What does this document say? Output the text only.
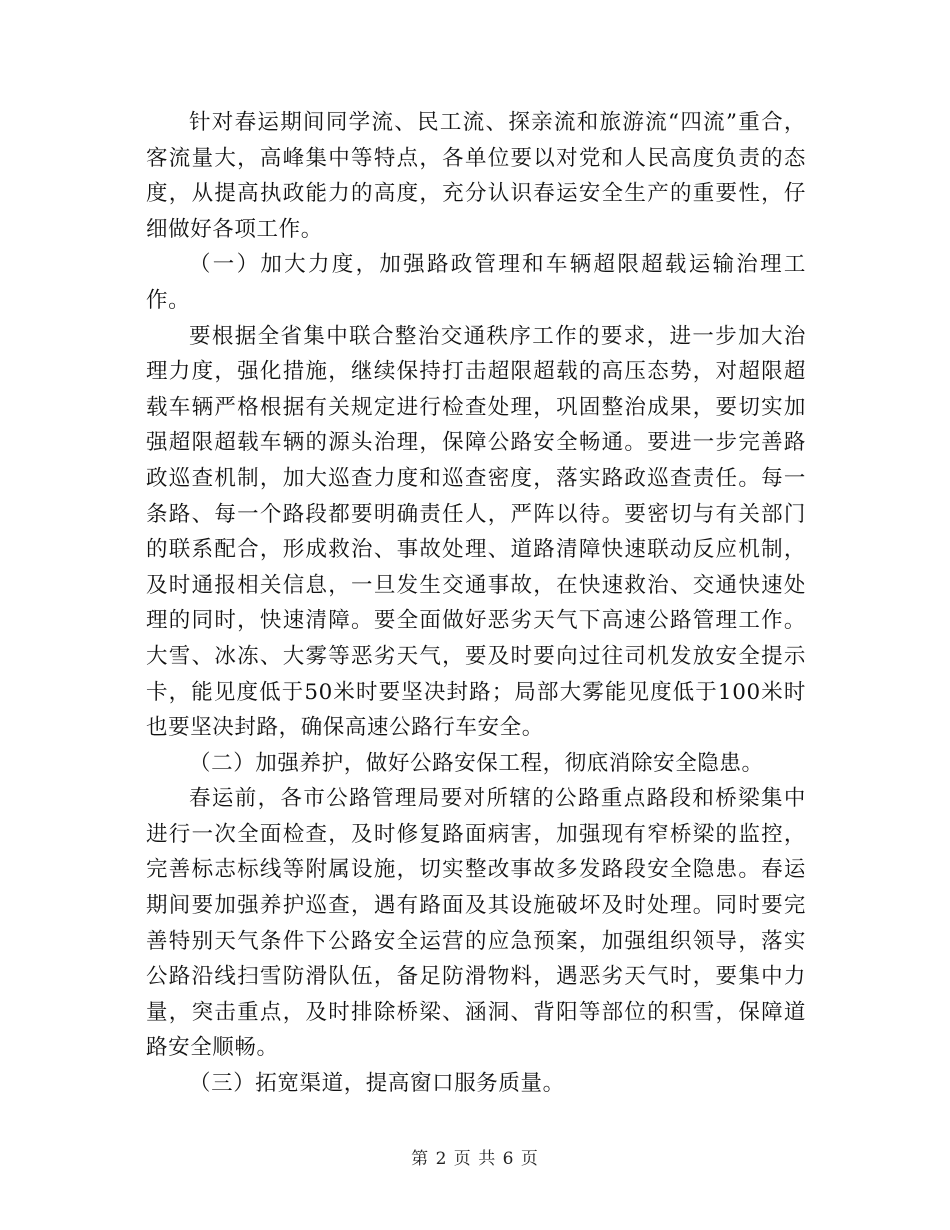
针对春运期间同学流、民工流、探亲流和旅游流“四流”重合，客流量大，高峰集中等特点，各单位要以对党和人民高度负责的态度，从提高执政能力的高度，充分认识春运安全生产的重要性，仔细做好各项工作。

（一）加大力度，加强路政管理和车辆超限超载运输治理工作。

要根据全省集中联合整治交通秩序工作的要求，进一步加大治理力度，强化措施，继续保持打击超限超载的高压态势，对超限超载车辆严格根据有关规定进行检查处理，巩固整治成果，要切实加强超限超载车辆的源头治理，保障公路安全畅通。要进一步完善路政巡查机制，加大巡查力度和巡查密度，落实路政巡查责任。每一条路、每一个路段都要明确责任人，严阵以待。要密切与有关部门的联系配合，形成救治、事故处理、道路清障快速联动反应机制，及时通报相关信息，一旦发生交通事故，在快速救治、交通快速处理的同时，快速清障。要全面做好恶劣天气下高速公路管理工作。大雪、冰冻、大雾等恶劣天气，要及时要向过往司机发放安全提示卡，能见度低于50米时要坚决封路；局部大雾能见度低于100米时也要坚决封路，确保高速公路行车安全。

（二）加强养护，做好公路安保工程，彻底消除安全隐患。

春运前，各市公路管理局要对所辖的公路重点路段和桥梁集中进行一次全面检查，及时修复路面病害，加强现有窄桥梁的监控，完善标志标线等附属设施，切实整改事故多发路段安全隐患。春运期间要加强养护巡查，遇有路面及其设施破坏及时处理。同时要完善特别天气条件下公路安全运营的应急预案，加强组织领导，落实公路沿线扫雪防滑队伍，备足防滑物料，遇恶劣天气时，要集中力量，突击重点，及时排除桥梁、涵洞、背阳等部位的积雪，保障道路安全顺畅。

（三）拓宽渠道，提高窗口服务质量。

第 2 页 共 6 页
